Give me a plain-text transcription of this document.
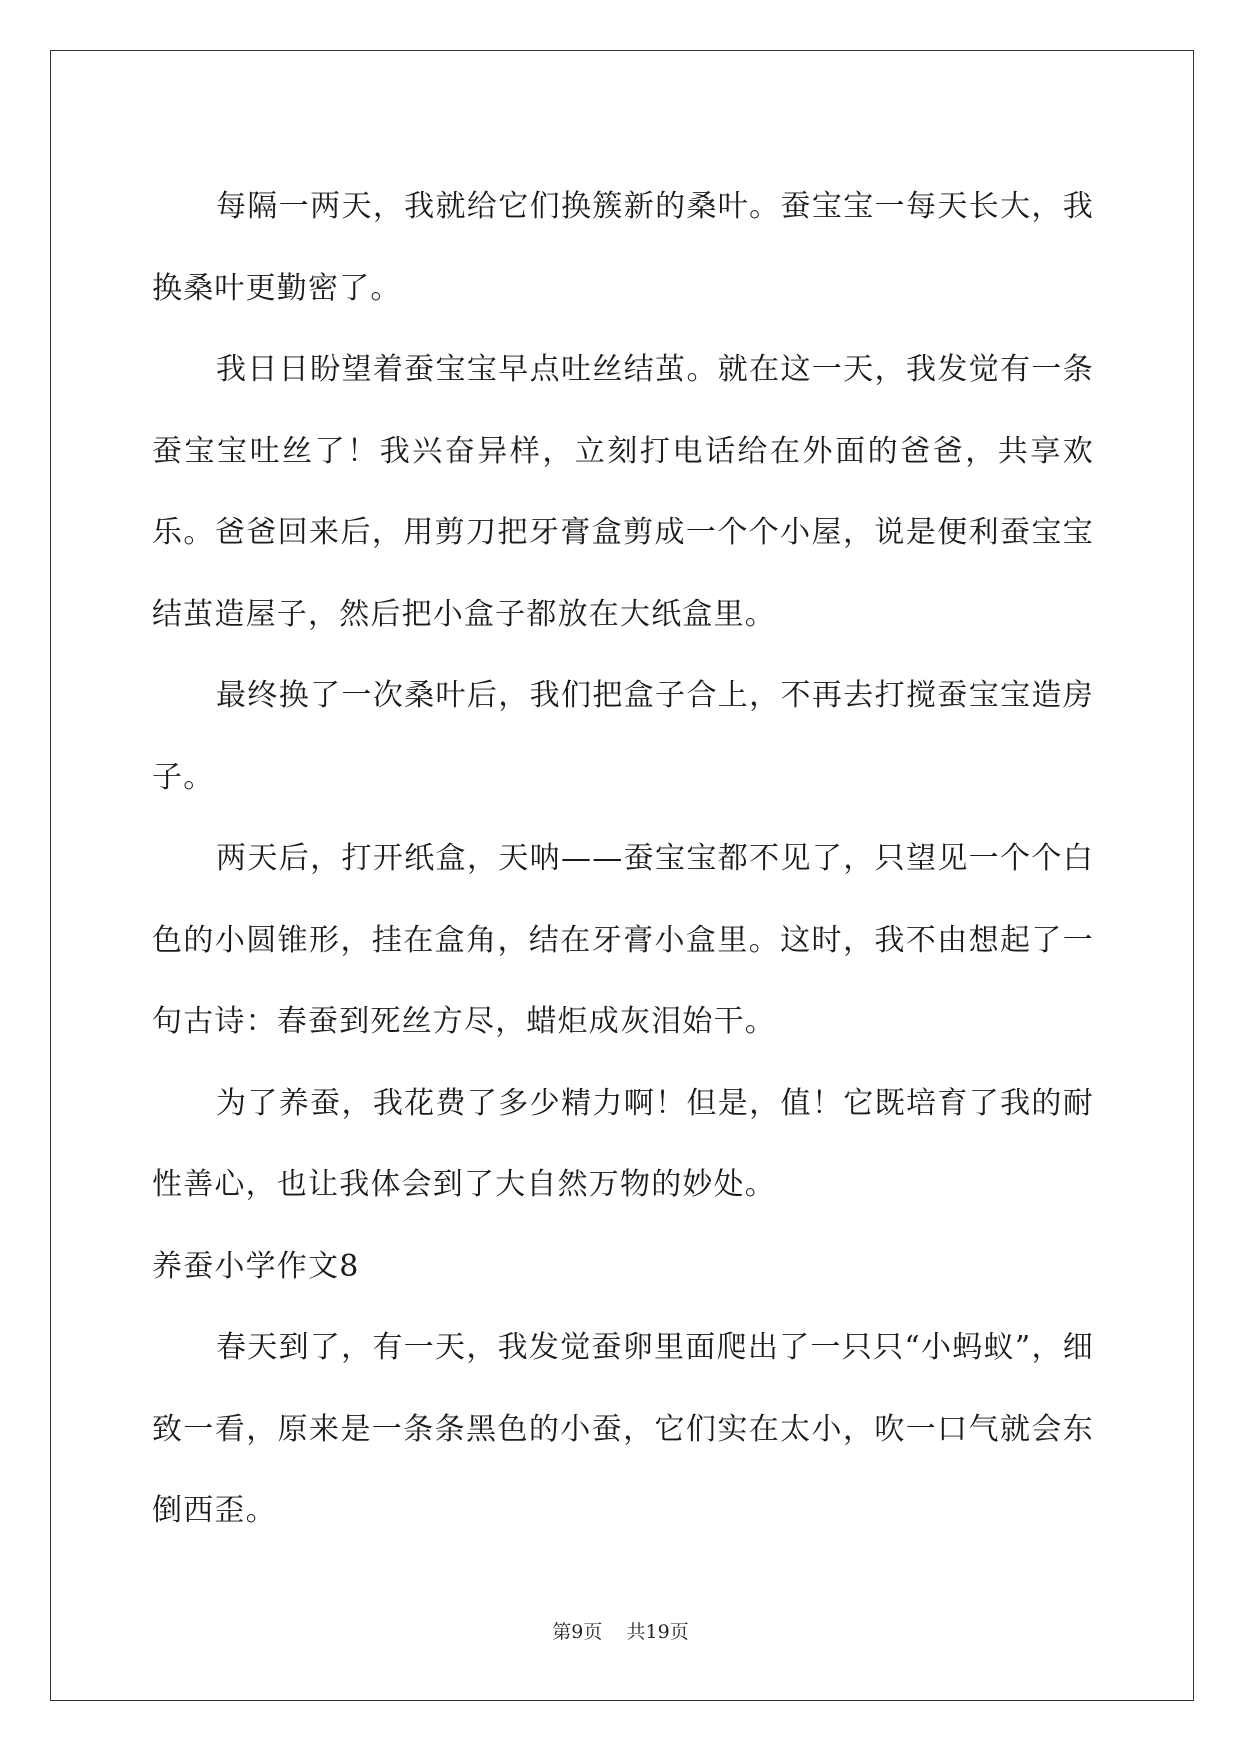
每隔一两天，我就给它们换簇新的桑叶。蚕宝宝一每天长大，我换桑叶更勤密了。

我日日盼望着蚕宝宝早点吐丝结茧。就在这一天，我发觉有一条蚕宝宝吐丝了！我兴奋异样，立刻打电话给在外面的爸爸，共享欢乐。爸爸回来后，用剪刀把牙膏盒剪成一个个小屋，说是便利蚕宝宝结茧造屋子，然后把小盒子都放在大纸盒里。

最终换了一次桑叶后，我们把盒子合上，不再去打搅蚕宝宝造房子。

两天后，打开纸盒，天呐——蚕宝宝都不见了，只望见一个个白色的小圆锥形，挂在盒角，结在牙膏小盒里。这时，我不由想起了一句古诗：春蚕到死丝方尽，蜡炬成灰泪始干。

为了养蚕，我花费了多少精力啊！但是，值！它既培育了我的耐性善心，也让我体会到了大自然万物的妙处。

养蚕小学作文8

春天到了，有一天，我发觉蚕卵里面爬出了一只只“小蚂蚁”，细致一看，原来是一条条黑色的小蚕，它们实在太小，吹一口气就会东倒西歪。

第9页 共19页
